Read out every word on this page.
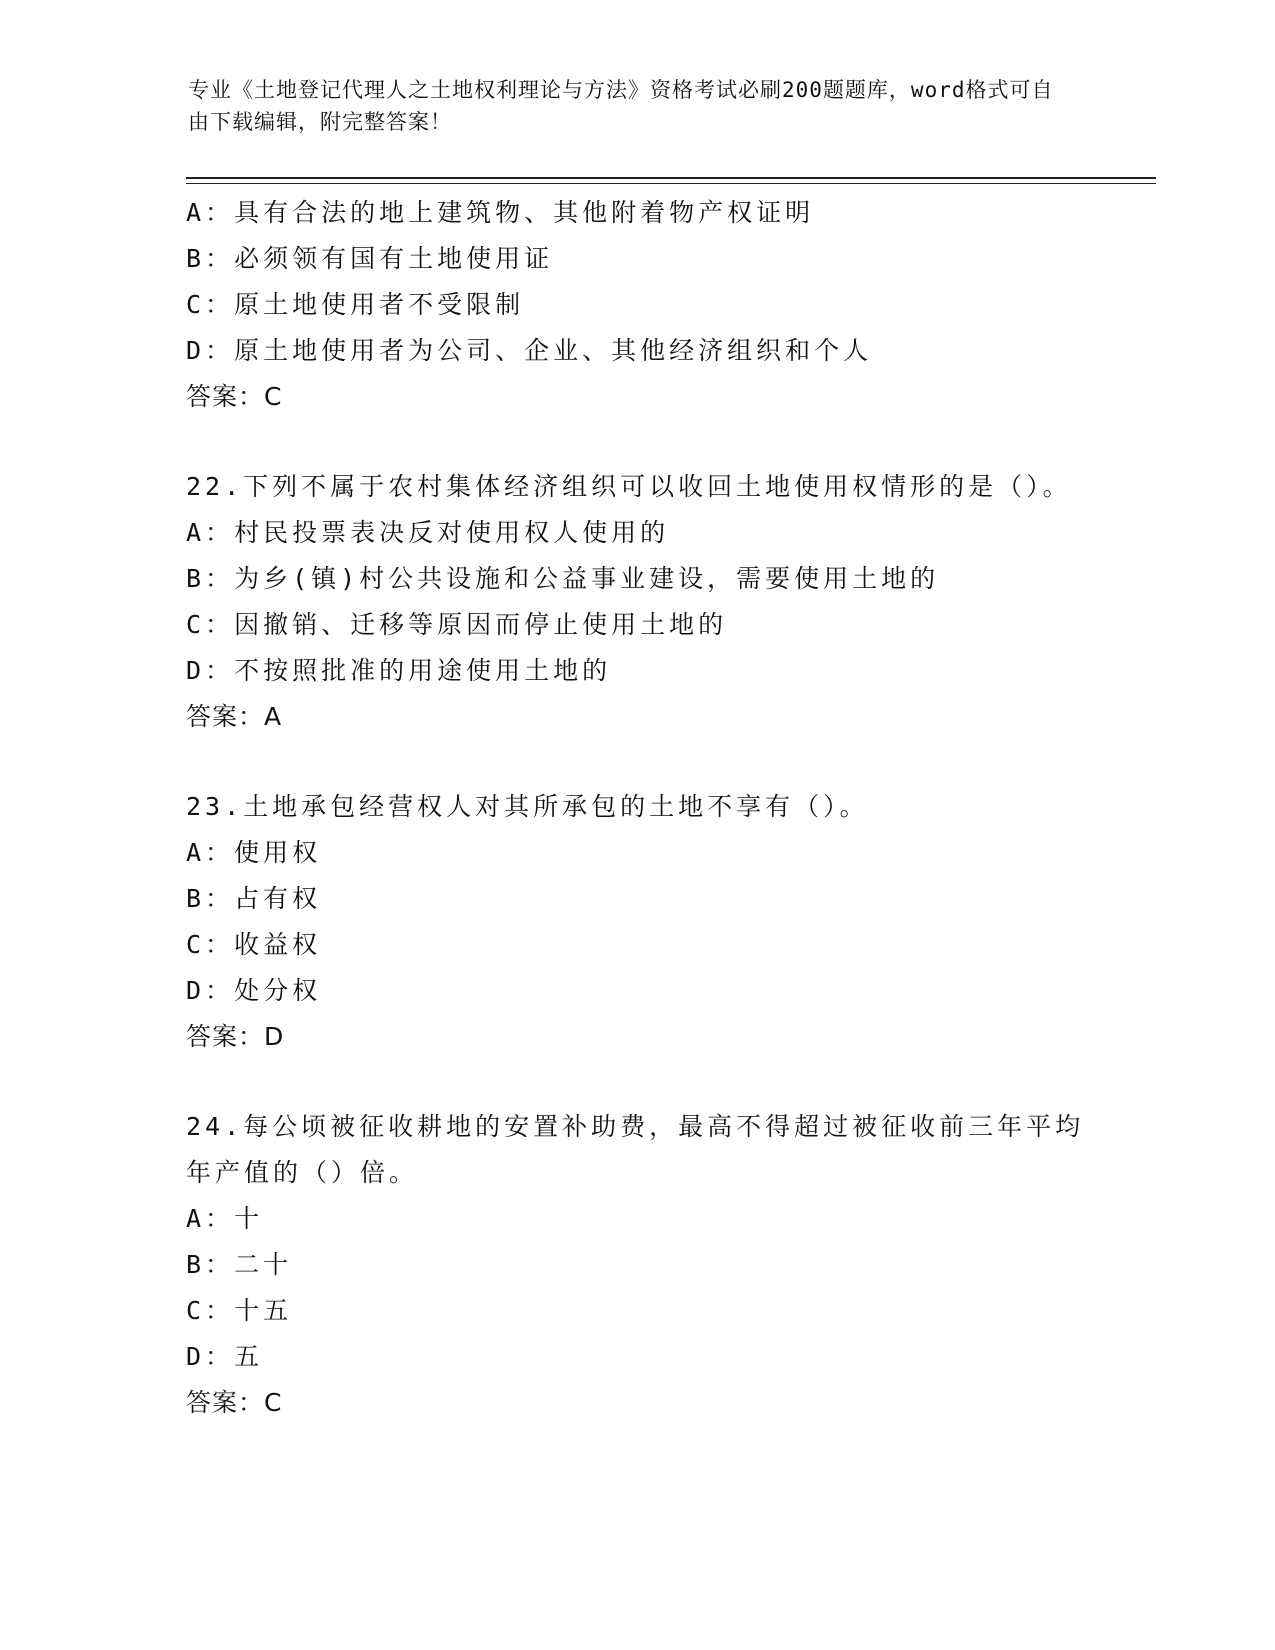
专业《土地登记代理人之土地权利理论与方法》资格考试必刷200题题库，word格式可自由下载编辑，附完整答案！
A：具有合法的地上建筑物、其他附着物产权证明
B：必须领有国有土地使用证
C：原土地使用者不受限制
D：原土地使用者为公司、企业、其他经济组织和个人
答案：C
22.下列不属于农村集体经济组织可以收回土地使用权情形的是（）。
A：村民投票表决反对使用权人使用的
B：为乡(镇)村公共设施和公益事业建设，需要使用土地的
C：因撤销、迁移等原因而停止使用土地的
D：不按照批准的用途使用土地的
答案：A
23.土地承包经营权人对其所承包的土地不享有（）。
A：使用权
B：占有权
C：收益权
D：处分权
答案：D
24.每公顷被征收耕地的安置补助费，最高不得超过被征收前三年平均年产值的（）倍。
A：十
B：二十
C：十五
D：五
答案：C
